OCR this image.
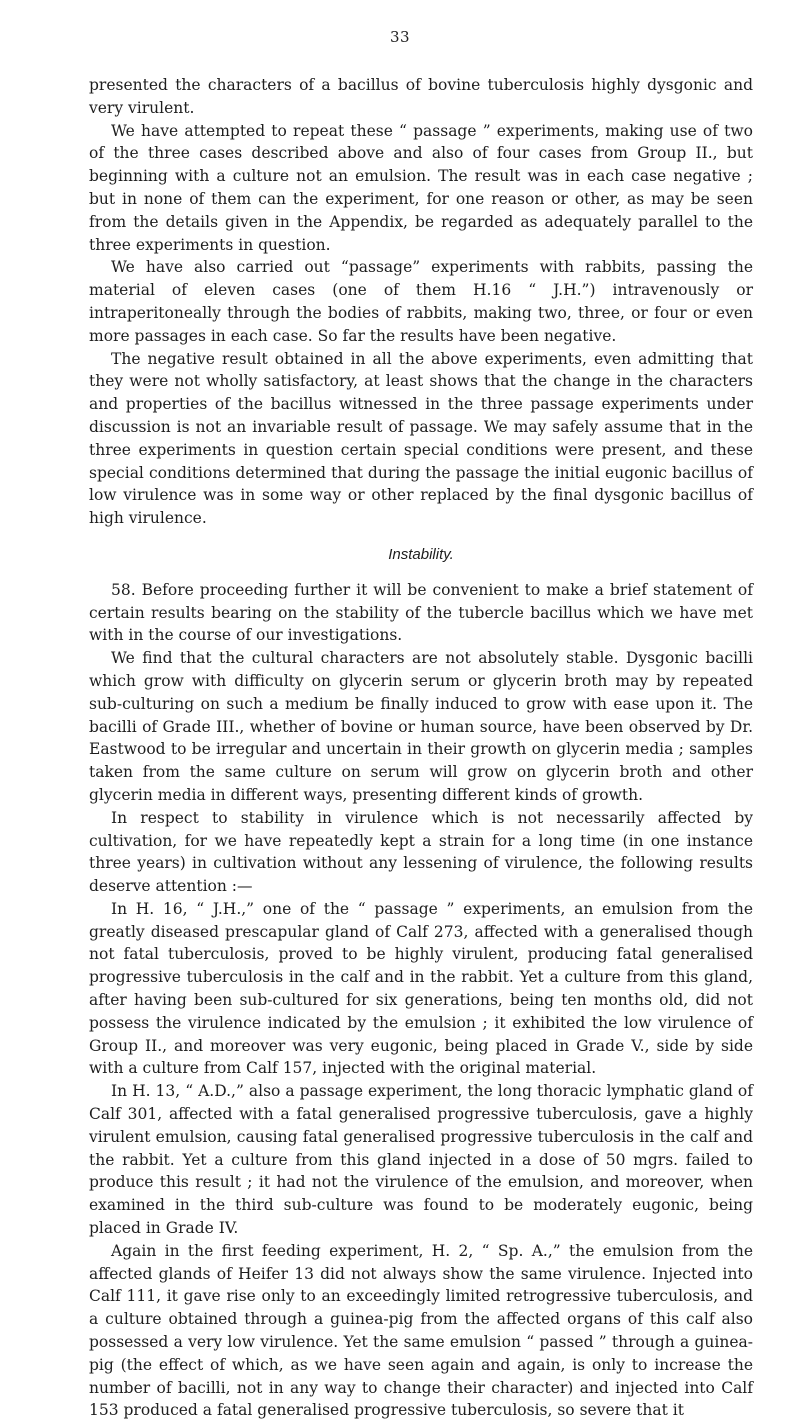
33

presented the characters of a bacillus of bovine tuberculosis highly dysgonic and very virulent.

We have attempted to repeat these “ passage ” experiments, making use of two of the three cases described above and also of four cases from Group II., but beginning with a culture not an emulsion. The result was in each case negative ; but in none of them can the experiment, for one reason or other, as may be seen from the details given in the Appendix, be regarded as adequately parallel to the three experiments in question.

We have also carried out “passage” experiments with rabbits, passing the material of eleven cases (one of them H.16 “ J.H.”) intravenously or intraperitoneally through the bodies of rabbits, making two, three, or four or even more passages in each case. So far the results have been negative.

The negative result obtained in all the above experiments, even admitting that they were not wholly satisfactory, at least shows that the change in the characters and properties of the bacillus witnessed in the three passage experiments under discussion is not an invariable result of passage. We may safely assume that in the three experiments in question certain special conditions were present, and these special conditions determined that during the passage the initial eugonic bacillus of low virulence was in some way or other replaced by the final dysgonic bacillus of high virulence.

Instability.

58. Before proceeding further it will be convenient to make a brief statement of certain results bearing on the stability of the tubercle bacillus which we have met with in the course of our investigations.

We find that the cultural characters are not absolutely stable. Dysgonic bacilli which grow with difficulty on glycerin serum or glycerin broth may by repeated sub-culturing on such a medium be finally induced to grow with ease upon it. The bacilli of Grade III., whether of bovine or human source, have been observed by Dr. Eastwood to be irregular and uncertain in their growth on glycerin media ; samples taken from the same culture on serum will grow on glycerin broth and other glycerin media in different ways, presenting different kinds of growth.

In respect to stability in virulence which is not necessarily affected by cultivation, for we have repeatedly kept a strain for a long time (in one instance three years) in cultivation without any lessening of virulence, the following results deserve attention :—

In H. 16, “ J.H.,” one of the “ passage ” experiments, an emulsion from the greatly diseased prescapular gland of Calf 273, affected with a generalised though not fatal tuberculosis, proved to be highly virulent, producing fatal generalised progressive tuberculosis in the calf and in the rabbit. Yet a culture from this gland, after having been sub-cultured for six generations, being ten months old, did not possess the virulence indicated by the emulsion ; it exhibited the low virulence of Group II., and moreover was very eugonic, being placed in Grade V., side by side with a culture from Calf 157, injected with the original material.

In H. 13, “ A.D.,” also a passage experiment, the long thoracic lymphatic gland of Calf 301, affected with a fatal generalised progressive tuberculosis, gave a highly virulent emulsion, causing fatal generalised progressive tuberculosis in the calf and the rabbit. Yet a culture from this gland injected in a dose of 50 mgrs. failed to produce this result ; it had not the virulence of the emulsion, and moreover, when examined in the third sub-culture was found to be moderately eugonic, being placed in Grade IV.

Again in the first feeding experiment, H. 2, “ Sp. A.,” the emulsion from the affected glands of Heifer 13 did not always show the same virulence. Injected into Calf 111, it gave rise only to an exceedingly limited retrogressive tuberculosis, and a culture obtained through a guinea-pig from the affected organs of this calf also possessed a very low virulence. Yet the same emulsion “ passed ” through a guinea-pig (the effect of which, as we have seen again and again, is only to increase the number of bacilli, not in any way to change their character) and injected into Calf 153 produced a fatal generalised progressive tuberculosis, so severe that it
